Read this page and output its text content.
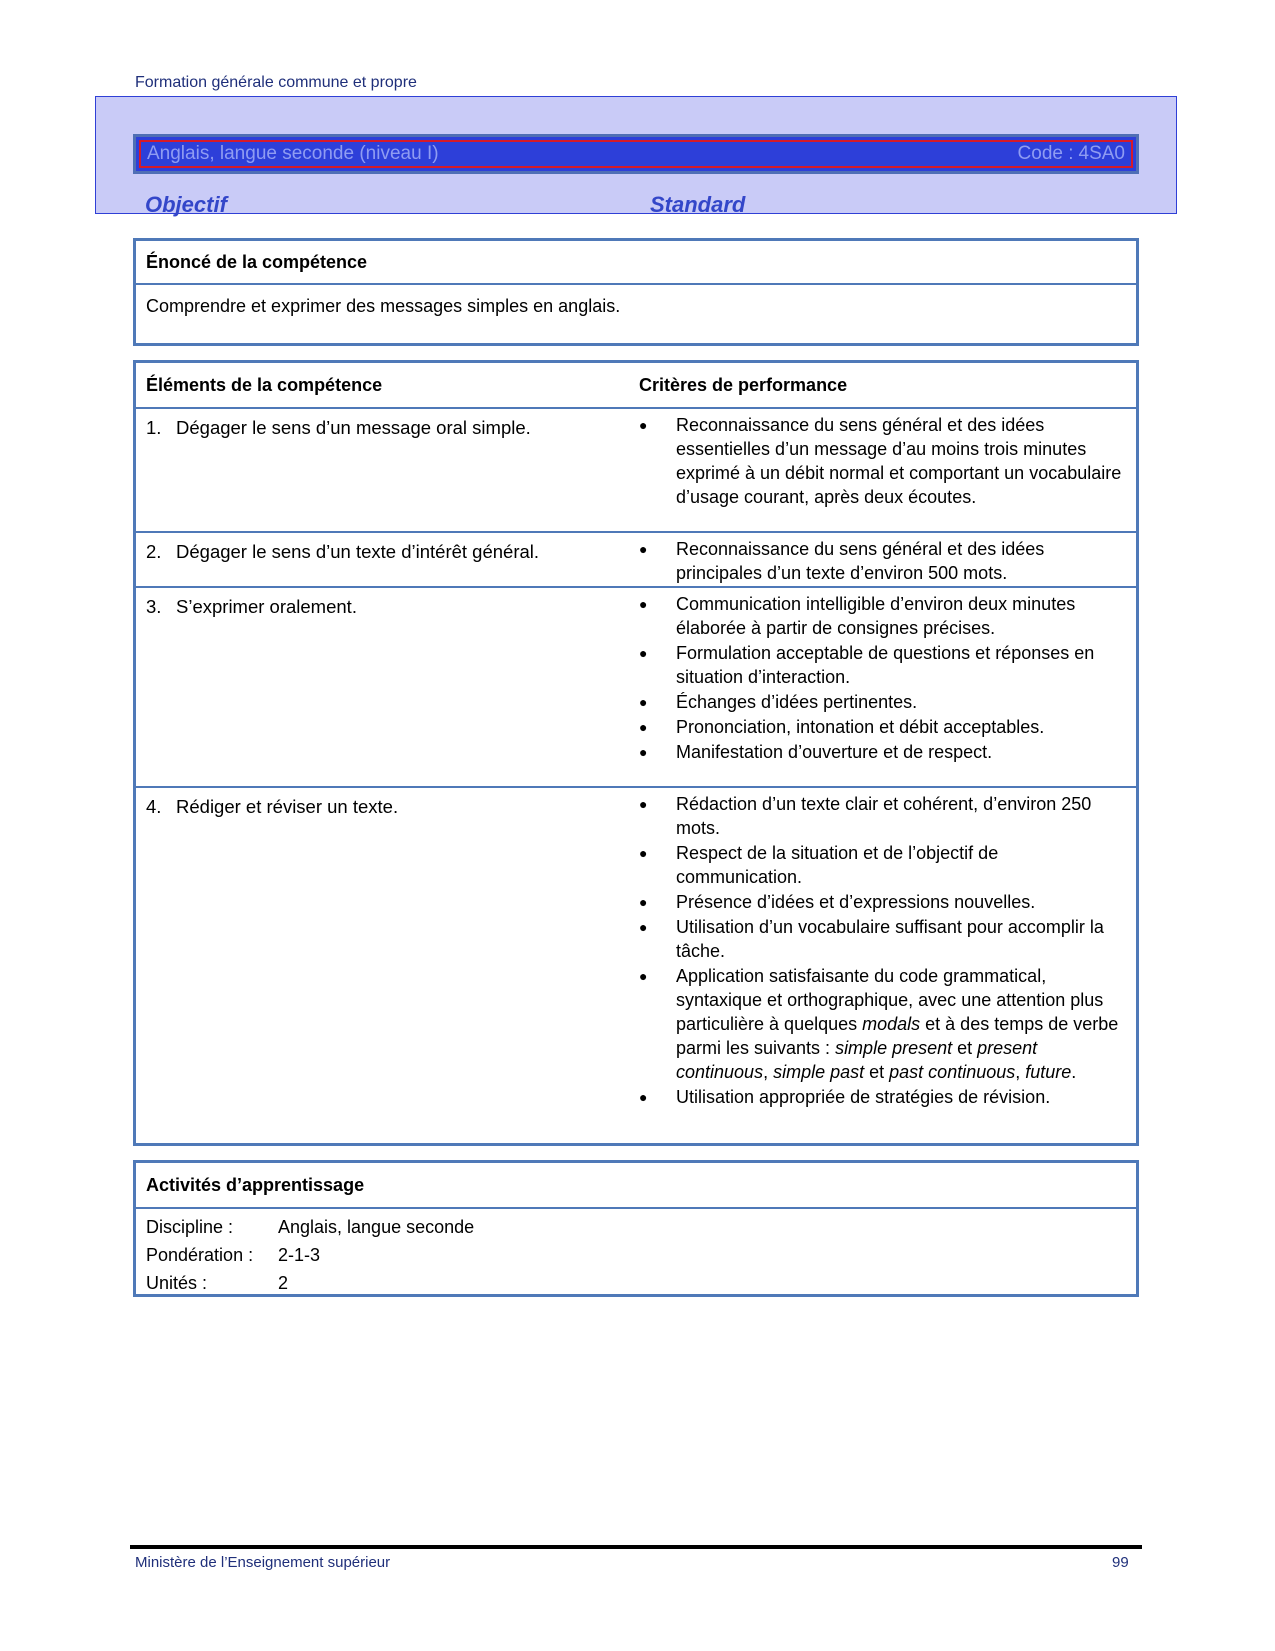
Formation générale commune et propre
Anglais, langue seconde (niveau I)	Code : 4SA0
Objectif	Standard
Énoncé de la compétence
Comprendre et exprimer des messages simples en anglais.
Éléments de la compétence	Critères de performance
1. Dégager le sens d’un message oral simple.	● Reconnaissance du sens général et des idées essentielles d’un message d’au moins trois minutes exprimé à un débit normal et comportant un vocabulaire d’usage courant, après deux écoutes.
2. Dégager le sens d’un texte d’intérêt général.	● Reconnaissance du sens général et des idées principales d’un texte d’environ 500 mots.
3. S’exprimer oralement.	● Communication intelligible d’environ deux minutes élaborée à partir de consignes précises.
● Formulation acceptable de questions et réponses en situation d’interaction.
● Échanges d’idées pertinentes.
● Prononciation, intonation et débit acceptables.
● Manifestation d’ouverture et de respect.
4. Rédiger et réviser un texte.	● Rédaction d’un texte clair et cohérent, d’environ 250 mots.
● Respect de la situation et de l’objectif de communication.
● Présence d’idées et d’expressions nouvelles.
● Utilisation d’un vocabulaire suffisant pour accomplir la tâche.
● Application satisfaisante du code grammatical, syntaxique et orthographique, avec une attention plus particulière à quelques modals et à des temps de verbe parmi les suivants : simple present et present continuous, simple past et past continuous, future.
● Utilisation appropriée de stratégies de révision.
Activités d’apprentissage
Discipline :	Anglais, langue seconde
Pondération :	2-1-3
Unités :	2
Ministère de l’Enseignement supérieur	99
